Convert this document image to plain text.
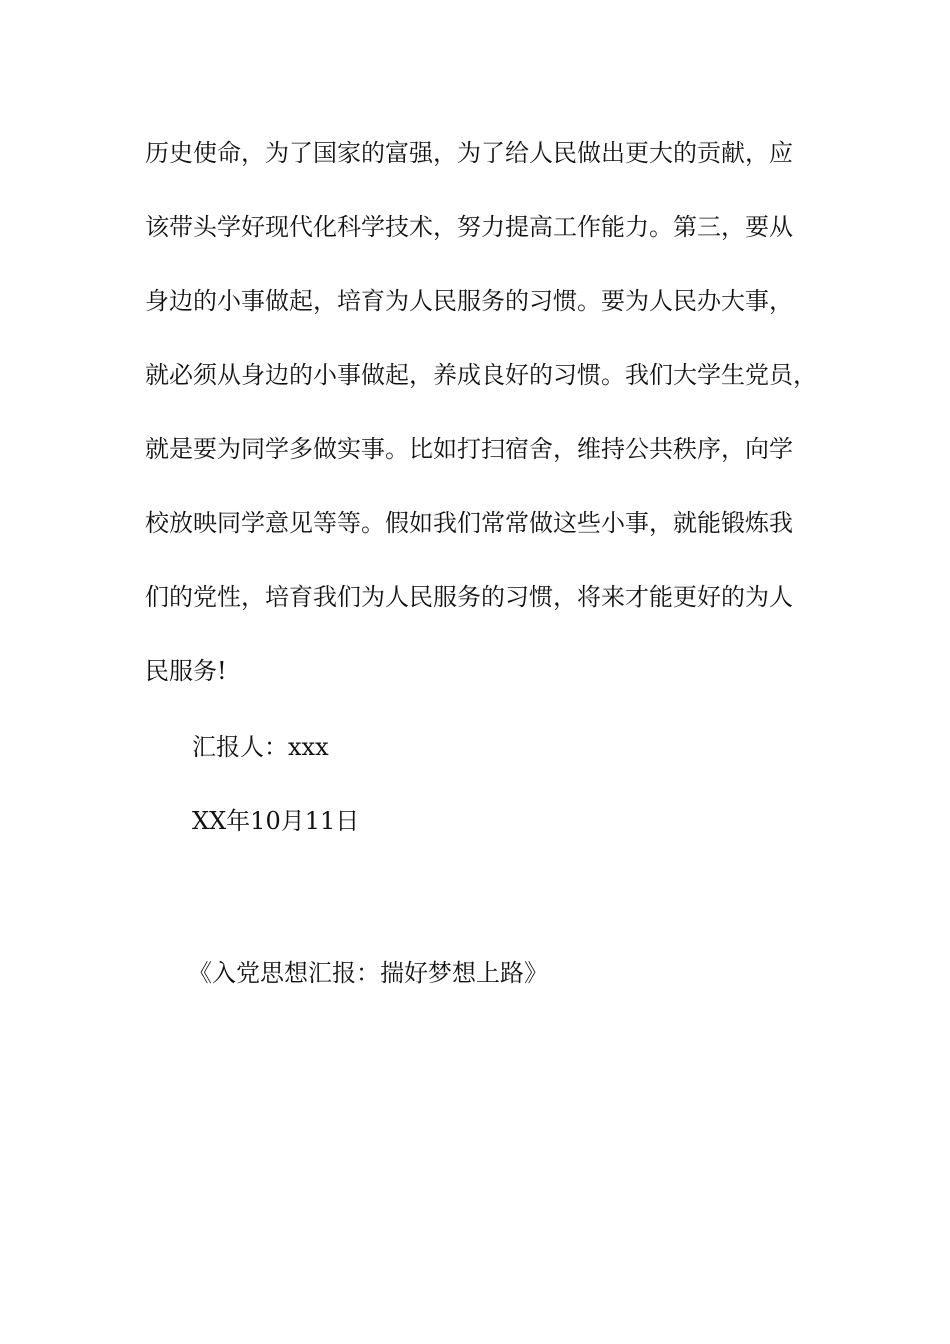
历史使命，为了国家的富强，为了给人民做出更大的贡献，应
该带头学好现代化科学技术，努力提高工作能力。第三，要从
身边的小事做起，培育为人民服务的习惯。要为人民办大事，
就必须从身边的小事做起，养成良好的习惯。我们大学生党员，
就是要为同学多做实事。比如打扫宿舍，维持公共秩序，向学
校放映同学意见等等。假如我们常常做这些小事，就能锻炼我
们的党性，培育我们为人民服务的习惯，将来才能更好的为人
民服务!
汇报人：xxx
XX年10月11日
《入党思想汇报：揣好梦想上路》
